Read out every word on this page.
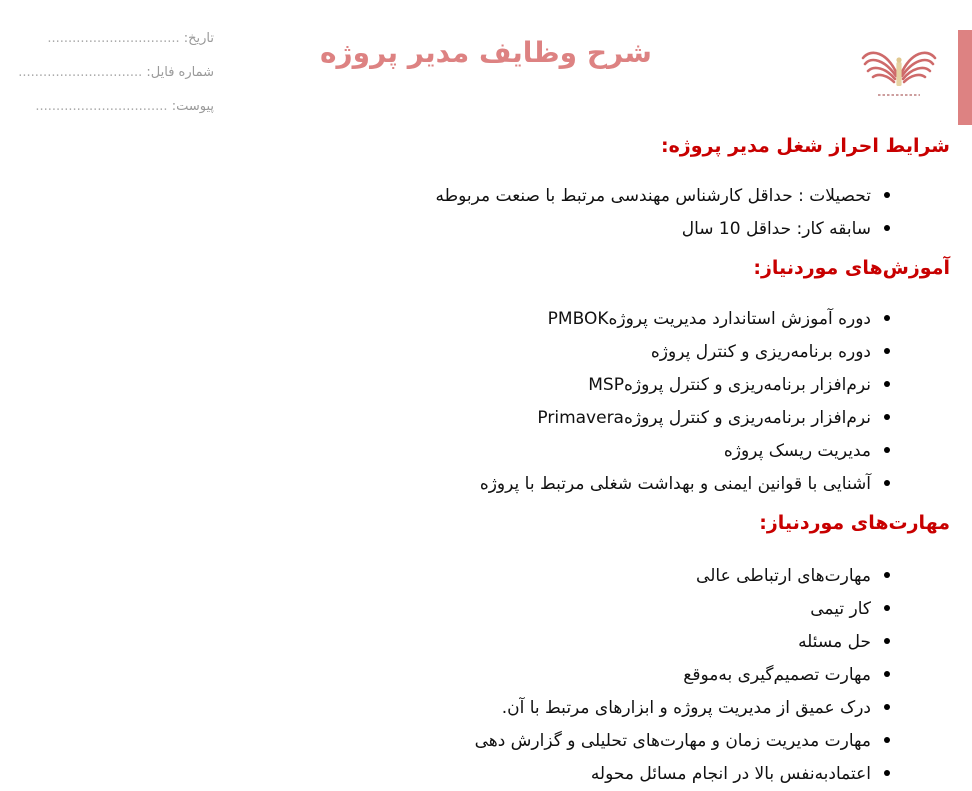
تاریخ: ................................
شماره فایل: ..............................
پیوست: ................................
شرح وظایف مدیر پروژه
شرایط احراز شغل مدیر پروژه:
تحصیلات : حداقل کارشناس مهندسی مرتبط با صنعت مربوطه
سابقه کار: حداقل 10 سال
آموزش‌های موردنیاز:
دوره آموزش استاندارد مدیریت پروژهPMBOK
دوره برنامه‌ریزی و کنترل پروژه
نرم‌افزار برنامه‌ریزی و کنترل پروژهMSP
نرم‌افزار برنامه‌ریزی و کنترل پروژهPrimavera
مدیریت ریسک پروژه
آشنایی با قوانین ایمنی و بهداشت شغلی مرتبط با پروژه
مهارت‌های موردنیاز:
مهارت‌های ارتباطی عالی
کار تیمی
حل مسئله
مهارت تصمیم‌گیری به‌موقع
درک عمیق از مدیریت پروژه و ابزارهای مرتبط با آن.
مهارت مدیریت زمان و مهارت‌های تحلیلی و گزارش دهی
اعتمادبه‌نفس بالا در انجام مسائل محوله
